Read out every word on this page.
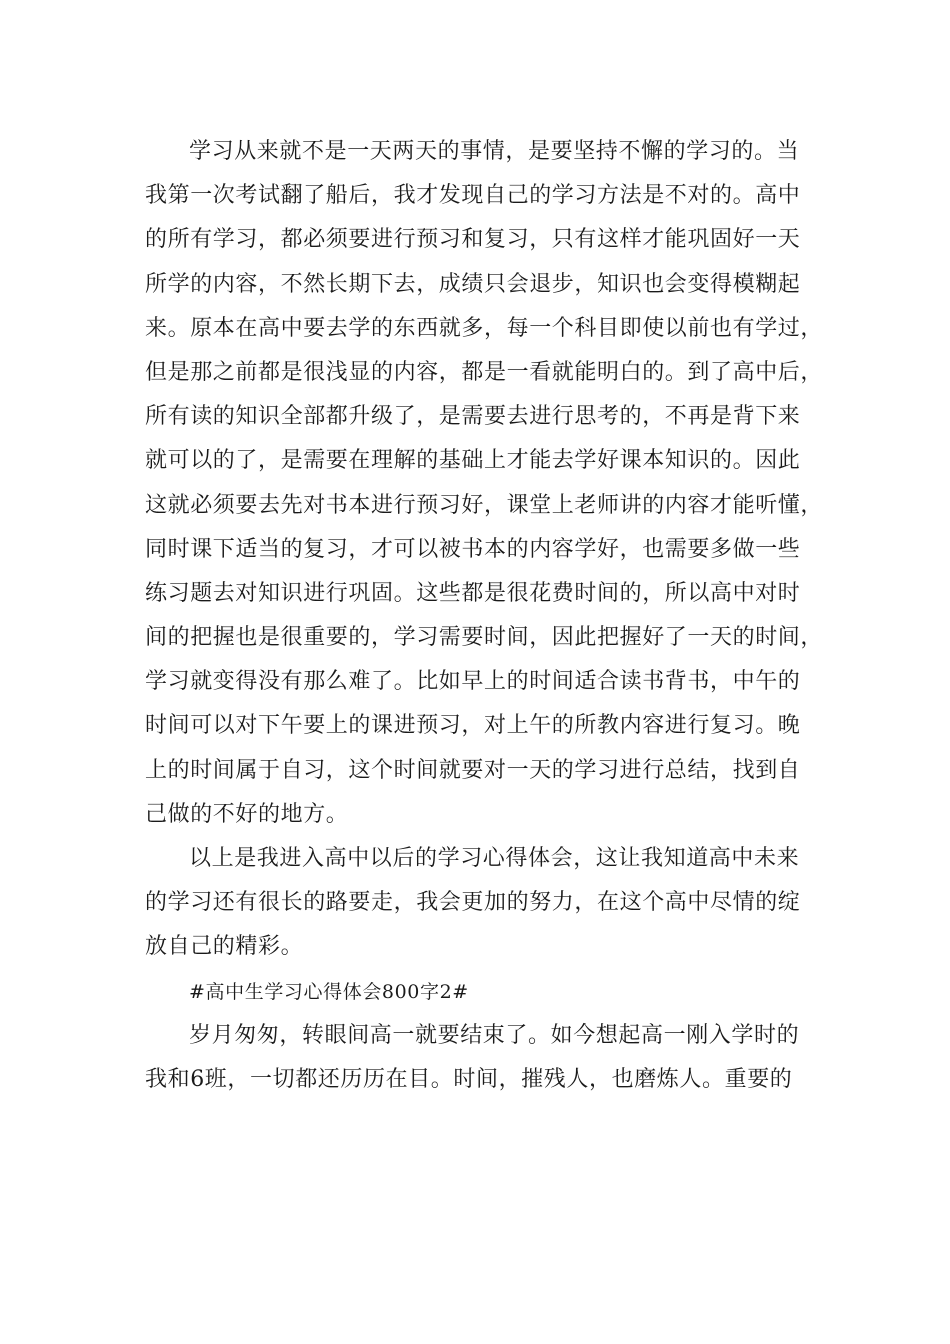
学习从来就不是一天两天的事情，是要坚持不懈的学习的。当
我第一次考试翻了船后，我才发现自己的学习方法是不对的。高中
的所有学习，都必须要进行预习和复习，只有这样才能巩固好一天
所学的内容，不然长期下去，成绩只会退步，知识也会变得模糊起
来。原本在高中要去学的东西就多，每一个科目即使以前也有学过，
但是那之前都是很浅显的内容，都是一看就能明白的。到了高中后，
所有读的知识全部都升级了，是需要去进行思考的，不再是背下来
就可以的了，是需要在理解的基础上才能去学好课本知识的。因此
这就必须要去先对书本进行预习好，课堂上老师讲的内容才能听懂，
同时课下适当的复习，才可以被书本的内容学好，也需要多做一些
练习题去对知识进行巩固。这些都是很花费时间的，所以高中对时
间的把握也是很重要的，学习需要时间，因此把握好了一天的时间，
学习就变得没有那么难了。比如早上的时间适合读书背书，中午的
时间可以对下午要上的课进预习，对上午的所教内容进行复习。晚
上的时间属于自习，这个时间就要对一天的学习进行总结，找到自
己做的不好的地方。
以上是我进入高中以后的学习心得体会，这让我知道高中未来
的学习还有很长的路要走，我会更加的努力，在这个高中尽情的绽
放自己的精彩。
#高中生学习心得体会800字2#
岁月匆匆，转眼间高一就要结束了。如今想起高一刚入学时的
我和6班，一切都还历历在目。时间，摧残人，也磨炼人。重要的
